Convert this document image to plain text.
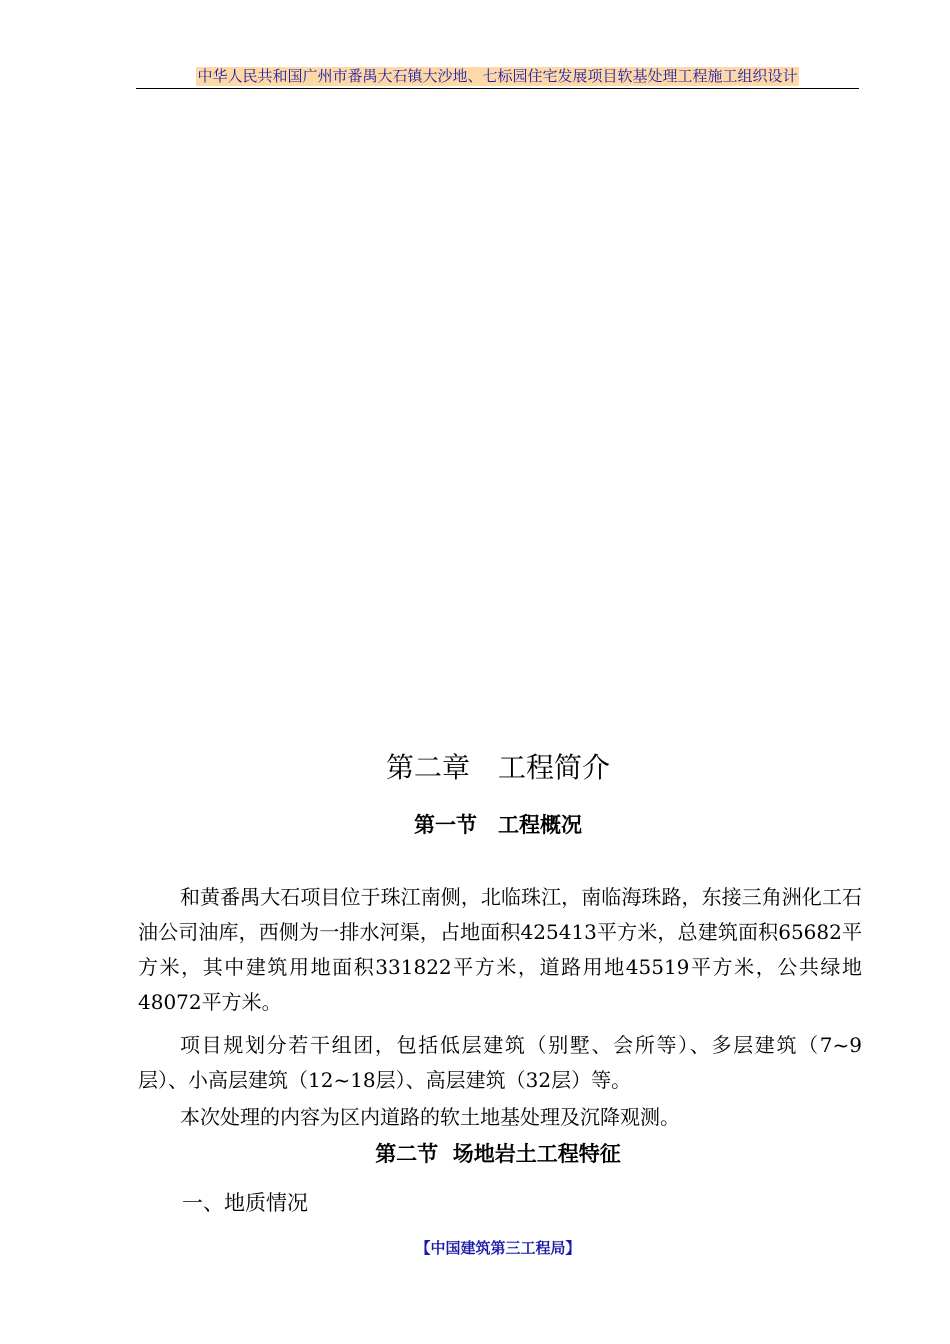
中华人民共和国广州市番禺大石镇大沙地、七标园住宅发展项目软基处理工程施工组织设计
第二章　工程简介
第一节　工程概况

和黄番禺大石项目位于珠江南侧，北临珠江，南临海珠路，东接三角洲化工石油公司油库，西侧为一排水河渠，占地面积425413平方米，总建筑面积65682平方米，其中建筑用地面积331822平方米，道路用地45519平方米，公共绿地48072平方米。

项目规划分若干组团，包括低层建筑（别墅、会所等）、多层建筑（7~9层）、小高层建筑（12~18层）、高层建筑（32层）等。

本次处理的内容为区内道路的软土地基处理及沉降观测。

第二节  场地岩土工程特征
一、地质情况
【中国建筑第三工程局】
